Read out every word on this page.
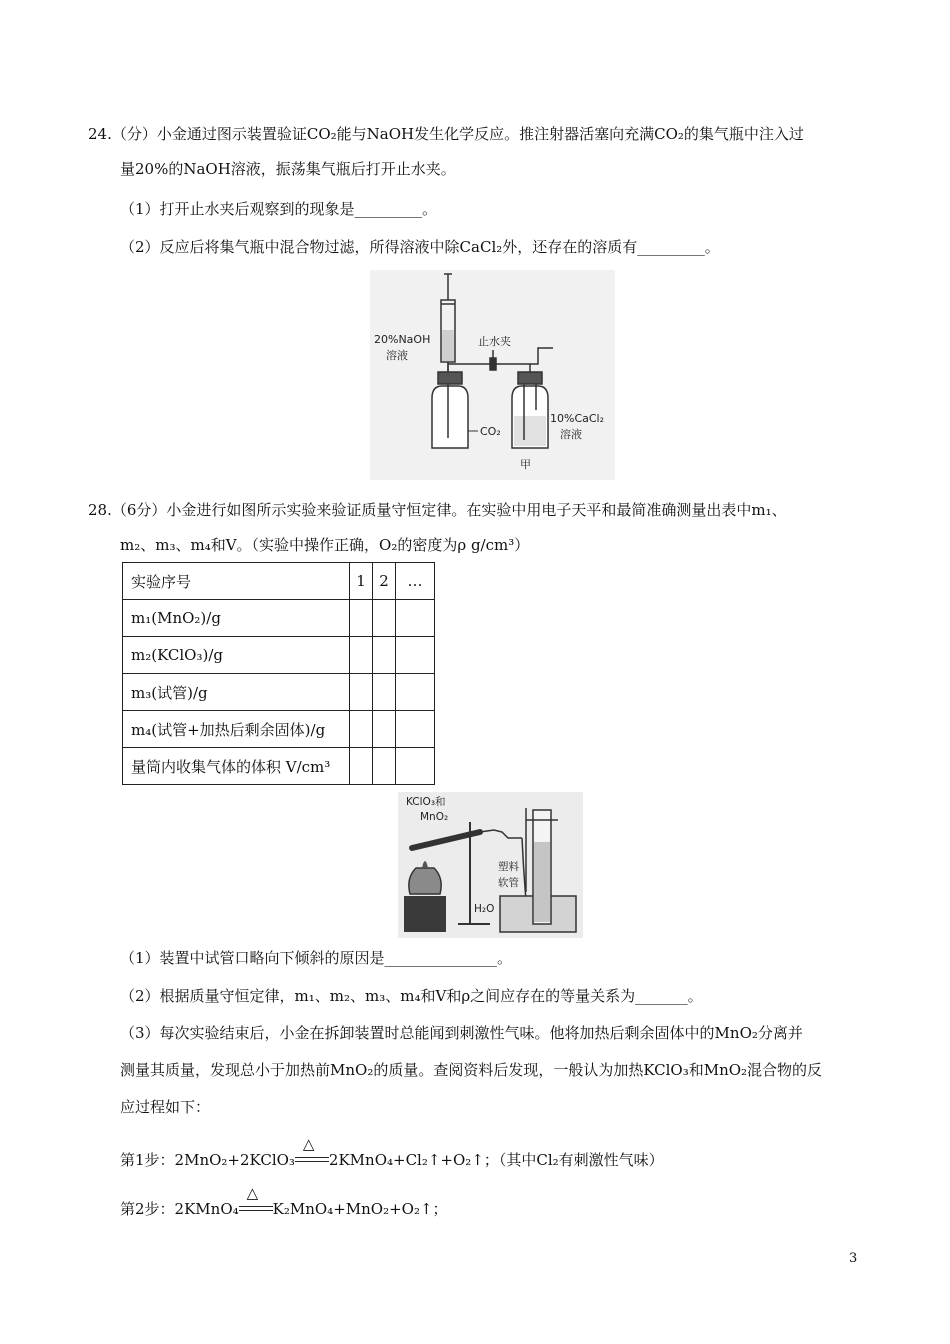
24.（分）小金通过图示装置验证CO₂能与NaOH发生化学反应。推注射器活塞向充满CO₂的集气瓶中注入过
量20%的NaOH溶液，振荡集气瓶后打开止水夹。
（1）打开止水夹后观察到的现象是_________。
（2）反应后将集气瓶中混合物过滤，所得溶液中除CaCl₂外，还存在的溶质有_________。
20%NaOH
溶液
止水夹
CO₂
10%CaCl₂
溶液
甲
28.（6分）小金进行如图所示实验来验证质量守恒定律。在实验中用电子天平和最简准确测量出表中m₁、
m₂、m₃、m₄和V。（实验中操作正确，O₂的密度为ρ g/cm³）
实验序号	1	2	…
m₁(MnO₂)/g			
m₂(KClO₃)/g			
m₃(试管)/g			
m₄(试管+加热后剩余固体)/g			
量筒内收集气体的体积 V/cm³			
KClO₃和
MnO₂
塑料
软管
H₂O
（1）装置中试管口略向下倾斜的原因是_______________。
（2）根据质量守恒定律，m₁、m₂、m₃、m₄和V和ρ之间应存在的等量关系为_______。
（3）每次实验结束后，小金在拆卸装置时总能闻到刺激性气味。他将加热后剩余固体中的MnO₂分离并
测量其质量，发现总小于加热前MnO₂的质量。查阅资料后发现，一般认为加热KClO₃和MnO₂混合物的反
应过程如下：
第1步：2MnO₂+2KClO₃
△
2KMnO₄+Cl₂↑+O₂↑；（其中Cl₂有刺激性气味）
第2步：2KMnO₄
△
K₂MnO₄+MnO₂+O₂↑；
3
